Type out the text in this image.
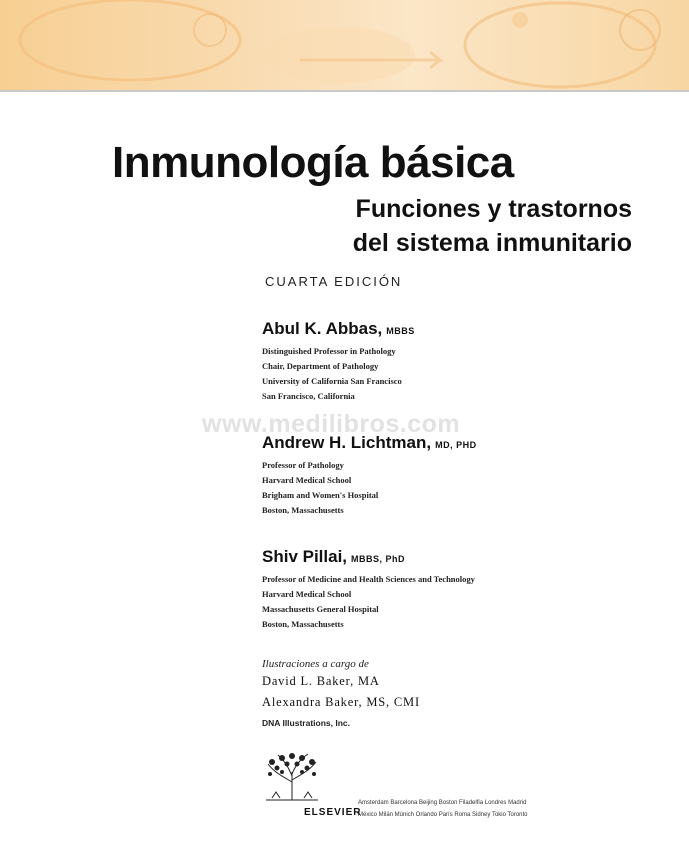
Inmunología básica
Funciones y trastornos
del sistema inmunitario
CUARTA EDICIÓN
www.medilibros.com
Abul K. Abbas, MBBS
Distinguished Professor in Pathology
Chair, Department of Pathology
University of California San Francisco
San Francisco, California
Andrew H. Lichtman, MD, PHD
Professor of Pathology
Harvard Medical School
Brigham and Women's Hospital
Boston, Massachusetts
Shiv Pillai, MBBS, PhD
Professor of Medicine and Health Sciences and Technology
Harvard Medical School
Massachusetts General Hospital
Boston, Massachusetts
Ilustraciones a cargo de
David L. Baker, MA
Alexandra Baker, MS, CMI
DNA Illustrations, Inc.
ELSEVIER
Amsterdam Barcelona Beijing Boston Filadelfia Londres Madrid
México Milán Múnich Orlando París Roma Sidney Tokio Toronto
